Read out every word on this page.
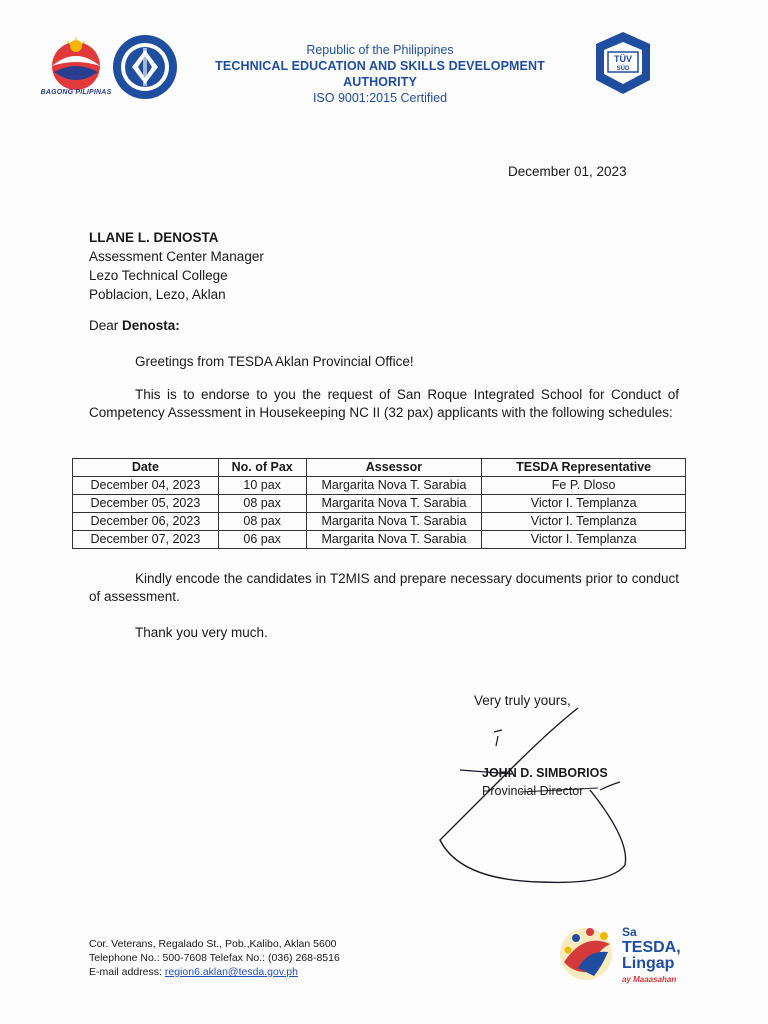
BAGONG PILIPINAS
Republic of the Philippines
TECHNICAL EDUCATION AND SKILLS DEVELOPMENT AUTHORITY
ISO 9001:2015 Certified
TÜV
SÜD
December 01, 2023
LLANE L. DENOSTA
Assessment Center Manager
Lezo Technical College
Poblacion, Lezo, Aklan
Dear Denosta:
Greetings from TESDA Aklan Provincial Office!
This is to endorse to you the request of San Roque Integrated School for Conduct of Competency Assessment in Housekeeping NC II (32 pax) applicants with the following schedules:
Date	No. of Pax	Assessor	TESDA Representative
December 04, 2023	10 pax	Margarita Nova T. Sarabia	Fe P. Dloso
December 05, 2023	08 pax	Margarita Nova T. Sarabia	Victor I. Templanza
December 06, 2023	08 pax	Margarita Nova T. Sarabia	Victor I. Templanza
December 07, 2023	06 pax	Margarita Nova T. Sarabia	Victor I. Templanza
Kindly encode the candidates in T2MIS and prepare necessary documents prior to conduct of assessment.
Thank you very much.
Very truly yours,
JOHN D. SIMBORIOS
Provincial Director
Cor. Veterans, Regalado St., Pob.,Kalibo, Aklan 5600
Telephone No.: 500-7608 Telefax No.: (036) 268-8516
E-mail address: region6.aklan@tesda.gov.ph
Sa
TESDA,
Lingap
ay Maaasahan
